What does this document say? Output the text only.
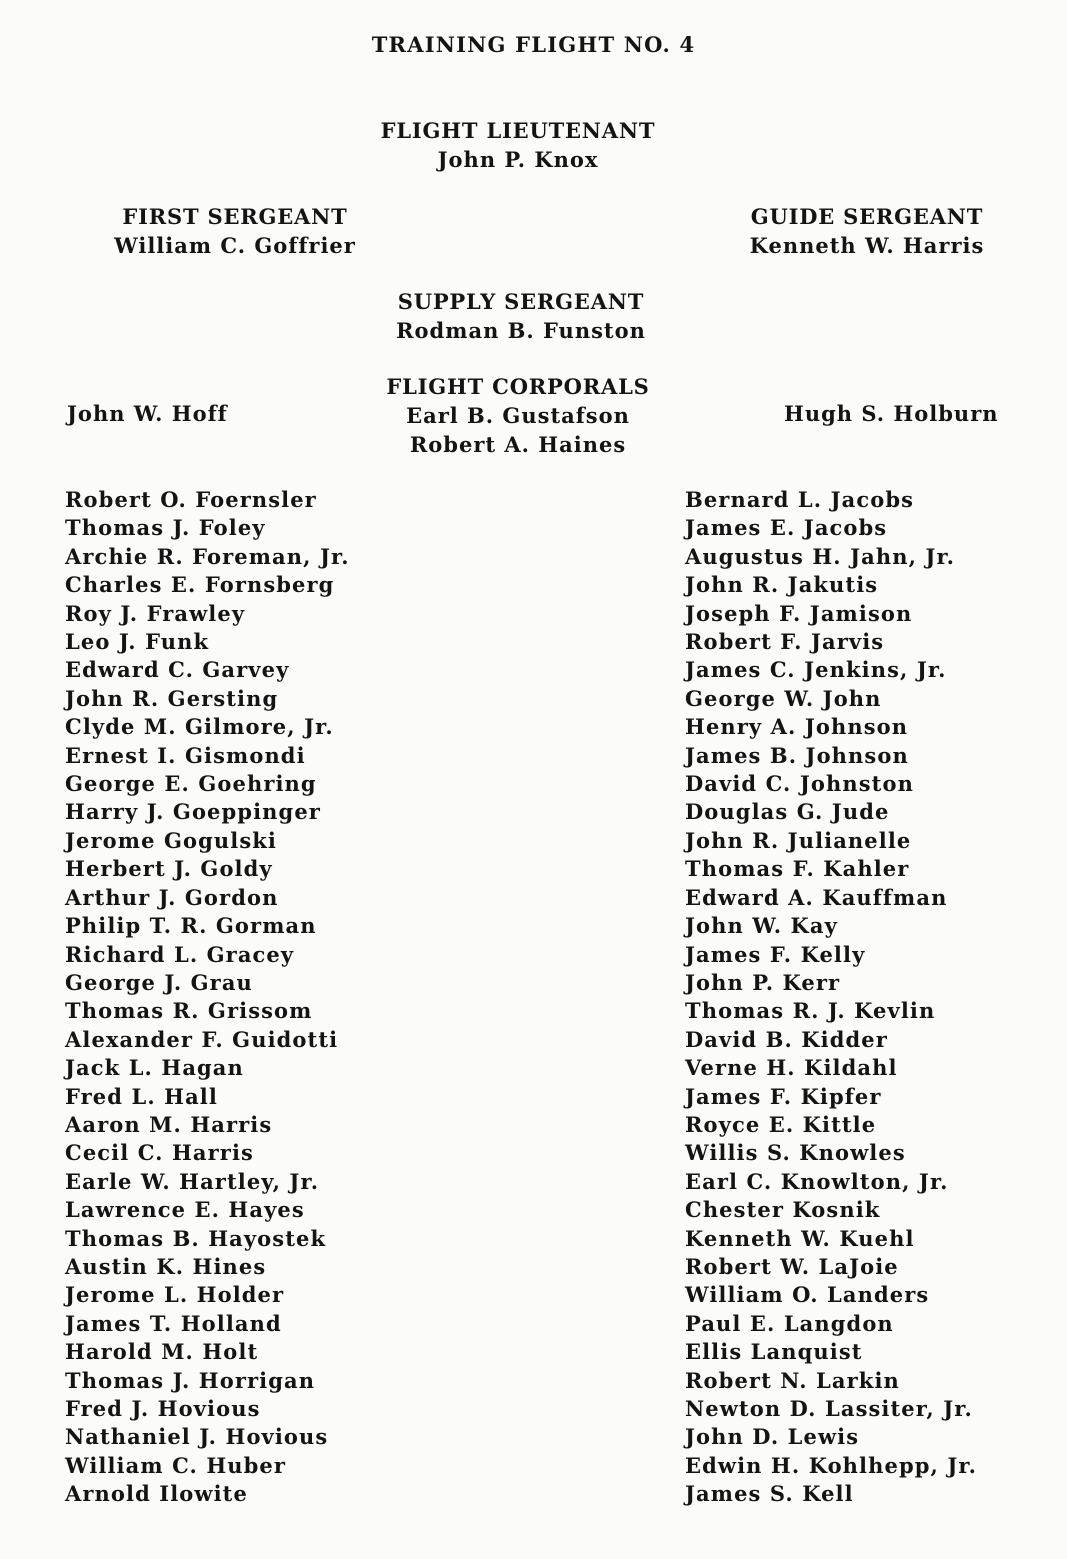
TRAINING FLIGHT NO. 4
FLIGHT LIEUTENANT
John P. Knox
FIRST SERGEANT
William C. Goffrier
GUIDE SERGEANT
Kenneth W. Harris
SUPPLY SERGEANT
Rodman B. Funston
FLIGHT CORPORALS
Earl B. Gustafson
Robert A. Haines
John W. Hoff	Hugh S. Holburn
Robert O. Foernsler
Thomas J. Foley
Archie R. Foreman, Jr.
Charles E. Fornsberg
Roy J. Frawley
Leo J. Funk
Edward C. Garvey
John R. Gersting
Clyde M. Gilmore, Jr.
Ernest I. Gismondi
George E. Goehring
Harry J. Goeppinger
Jerome Gogulski
Herbert J. Goldy
Arthur J. Gordon
Philip T. R. Gorman
Richard L. Gracey
George J. Grau
Thomas R. Grissom
Alexander F. Guidotti
Jack L. Hagan
Fred L. Hall
Aaron M. Harris
Cecil C. Harris
Earle W. Hartley, Jr.
Lawrence E. Hayes
Thomas B. Hayostek
Austin K. Hines
Jerome L. Holder
James T. Holland
Harold M. Holt
Thomas J. Horrigan
Fred J. Hovious
Nathaniel J. Hovious
William C. Huber
Arnold Ilowite
Bernard L. Jacobs
James E. Jacobs
Augustus H. Jahn, Jr.
John R. Jakutis
Joseph F. Jamison
Robert F. Jarvis
James C. Jenkins, Jr.
George W. John
Henry A. Johnson
James B. Johnson
David C. Johnston
Douglas G. Jude
John R. Julianelle
Thomas F. Kahler
Edward A. Kauffman
John W. Kay
James F. Kelly
John P. Kerr
Thomas R. J. Kevlin
David B. Kidder
Verne H. Kildahl
James F. Kipfer
Royce E. Kittle
Willis S. Knowles
Earl C. Knowlton, Jr.
Chester Kosnik
Kenneth W. Kuehl
Robert W. LaJoie
William O. Landers
Paul E. Langdon
Ellis Lanquist
Robert N. Larkin
Newton D. Lassiter, Jr.
John D. Lewis
Edwin H. Kohlhepp, Jr.
James S. Kell
